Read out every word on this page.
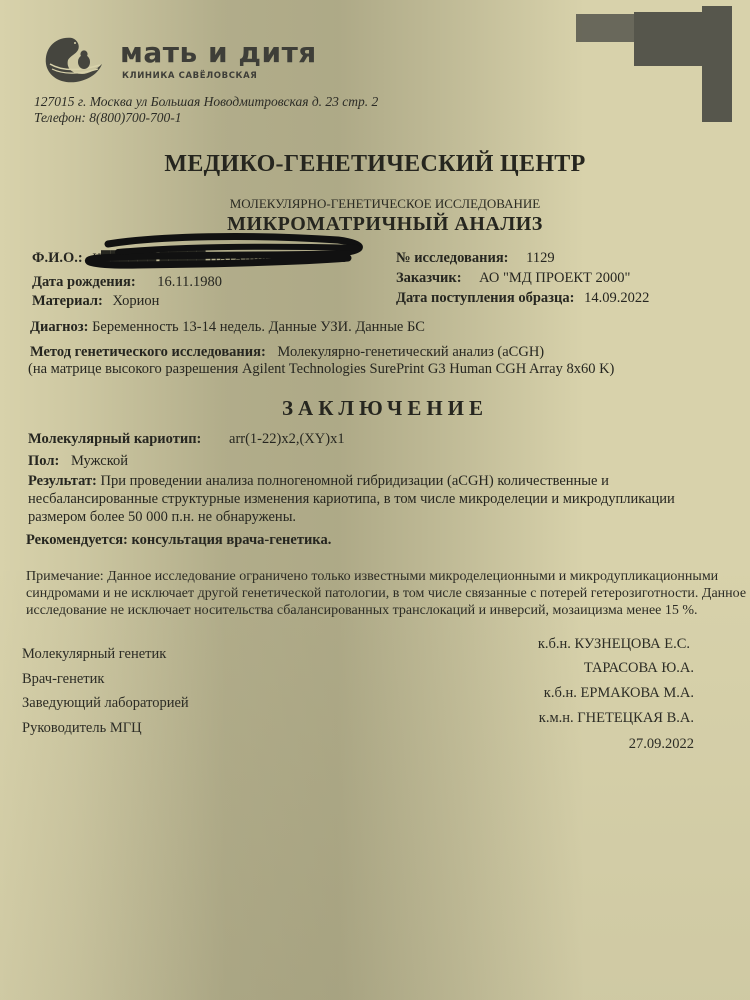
мать и дитя
КЛИНИКА САВЁЛОВСКАЯ
127015 г. Москва ул Большая Новодмитровская д. 23 стр. 2
Телефон: 8(800)700-700-1
МЕДИКО-ГЕНЕТИЧЕСКИЙ ЦЕНТР
МОЛЕКУЛЯРНО-ГЕНЕТИЧЕСКОЕ ИССЛЕДОВАНИЕ
МИКРОМАТРИЧНЫЙ АНАЛИЗ
Ф.И.О.: К██████ █████ НАТАЛЬЯ СЕРГЕЕВНА
Дата рождения: 16.11.1980
Материал: Хорион
№ исследования: 1129
Заказчик: АО "МД ПРОЕКТ 2000"
Дата поступления образца: 14.09.2022
Диагноз: Беременность 13-14 недель. Данные УЗИ. Данные БС
Метод генетического исследования: Молекулярно-генетический анализ (aCGH)
(на матрице высокого разрешения Agilent Technologies SurePrint G3 Human CGH Array 8x60 K)
ЗАКЛЮЧЕНИЕ
Молекулярный кариотип: arr(1-22)x2,(XY)x1
Пол: Мужской
Результат: При проведении анализа полногеномной гибридизации (aCGH) количественные и
несбалансированные структурные изменения кариотипа, в том числе микроделеции и микродупликации
размером более 50 000 п.н. не обнаружены.
Рекомендуется: консультация врача-генетика.
Примечание: Данное исследование ограничено только известными микроделеционными и микродупликационными
синдромами и не исключает другой генетической патологии, в том числе связанные с потерей гетерозиготности. Данное
исследование не исключает носительства сбалансированных транслокаций и инверсий, мозаицизма менее 15 %.
Молекулярный генетик
Врач-генетик
Заведующий лабораторией
Руководитель МГЦ
к.б.н. КУЗНЕЦОВА Е.С.
ТАРАСОВА Ю.А.
к.б.н. ЕРМАКОВА М.А.
к.м.н. ГНЕТЕЦКАЯ В.А.
27.09.2022
